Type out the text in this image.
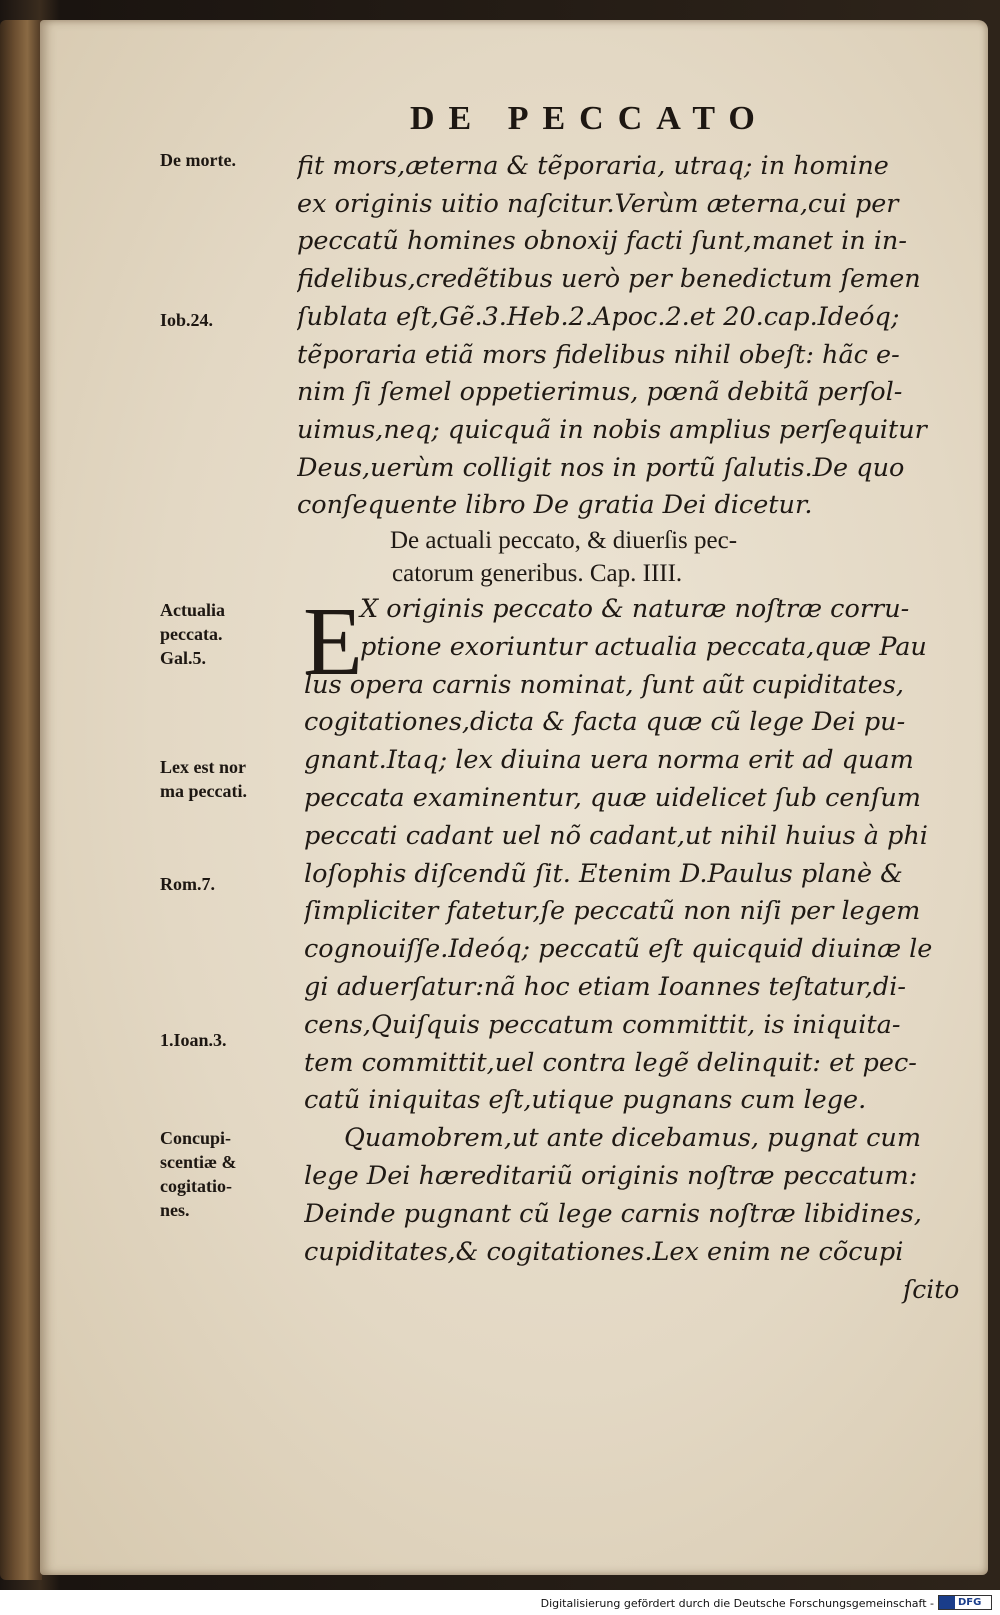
DE PECCATO
De morte.
Iob.24.
Actualia
peccata.
Gal.5.
Lex est nor
ma peccati.
Rom.7.
1.Ioan.3.
Concupi-
scentiæ &
cogitatio-
nes.
fit mors,æterna & tẽporaria, utraq; in homine
ex originis uitio naſcitur.Verùm æterna,cui per
peccatũ homines obnoxij facti ſunt,manet in in-
fidelibus,credẽtibus uerò per benedictum ſemen
ſublata eſt,Gẽ.3.Heb.2.Apoc.2.et 20.cap.Ideóq;
tẽporaria etiã mors fidelibus nihil obeſt: hãc e-
nim ſi ſemel oppetierimus, pœnã debitã perſol-
uimus,neq; quicquã in nobis amplius perſequitur
Deus,uerùm colligit nos in portũ ſalutis.De quo
conſequente libro De gratia Dei dicetur.
De actuali peccato, & diuerſis pec-
catorum generibus. Cap. IIII.
E
X originis peccato & naturæ noſtræ corru-
ptione exoriuntur actualia peccata,quæ Pau
lus opera carnis nominat, ſunt aũt cupiditates,
cogitationes,dicta & facta quæ cũ lege Dei pu-
gnant.Itaq; lex diuina uera norma erit ad quam
peccata examinentur, quæ uidelicet ſub cenſum
peccati cadant uel nõ cadant,ut nihil huius à phi
loſophis diſcendũ ſit. Etenim D.Paulus planè &
ſimpliciter fatetur,ſe peccatũ non niſi per legem
cognouiſſe.Ideóq; peccatũ eſt quicquid diuinæ le
gi aduerſatur:nã hoc etiam Ioannes teſtatur,di-
cens,Quiſquis peccatum committit, is iniquita-
tem committit,uel contra legẽ delinquit: et pec-
catũ iniquitas eſt,utique pugnans cum lege.
Quamobrem,ut ante dicebamus, pugnat cum
lege Dei hæreditariũ originis noſtræ peccatum:
Deinde pugnant cũ lege carnis noſtræ libidines,
cupiditates,& cogitationes.Lex enim ne cõcupi
ſcito
Digitalisierung gefördert durch die Deutsche Forschungsgemeinschaft -	DFG
